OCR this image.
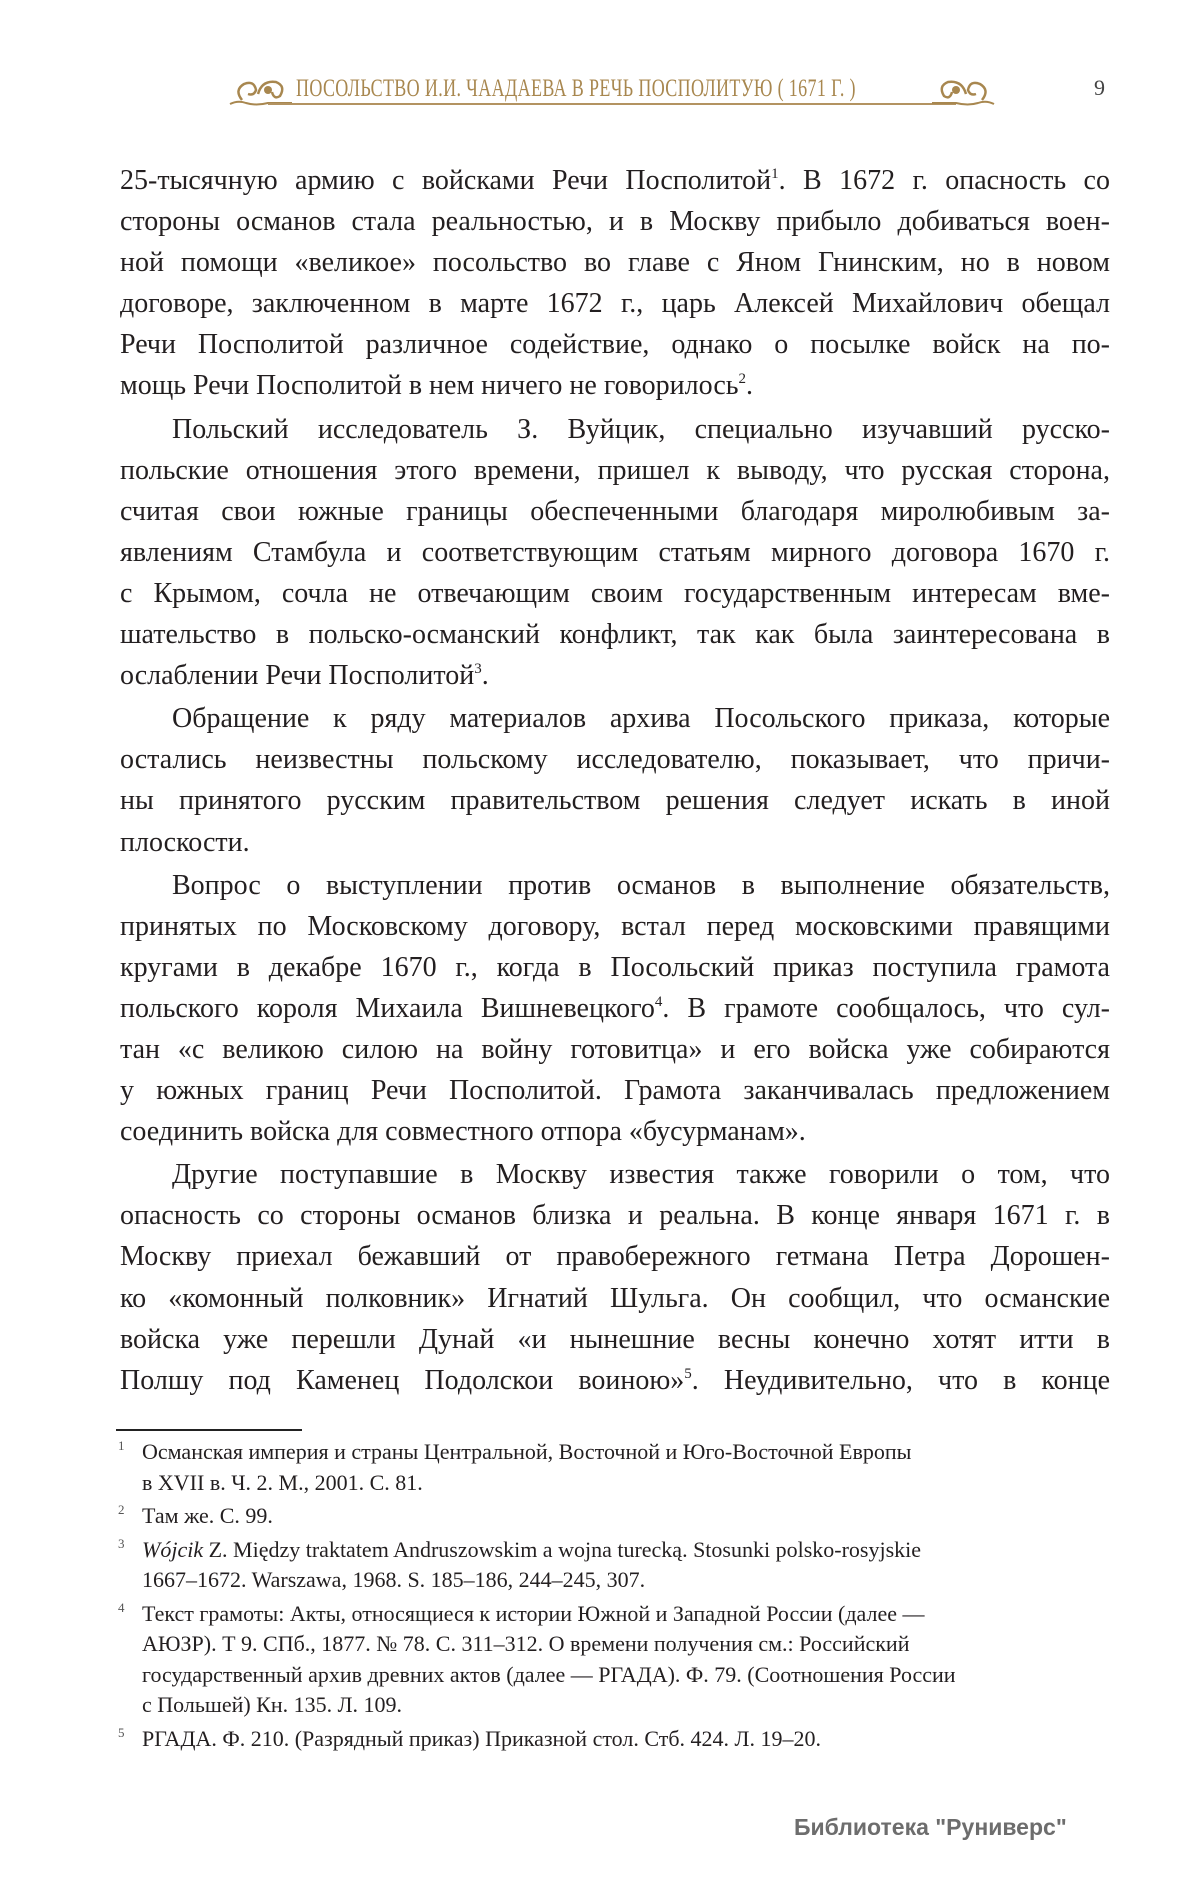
ПОСОЛЬСТВО И.И. ЧААДАЕВА В РЕЧЬ ПОСПОЛИТУЮ ( 1671 Г. )	9
25-тысячную армию с войсками Речи Посполитой$^1$. В 1672 г. опасность со
стороны османов стала реальностью, и в Москву прибыло добиваться воен-
ной помощи «великое» посольство во главе с Яном Гнинским, но в новом
договоре, заключенном в марте 1672 г., царь Алексей Михайлович обещал
Речи Посполитой различное содействие, однако о посылке войск на по-
мощь Речи Посполитой в нем ничего не говорилось$^2$.
Польский исследователь З. Вуйцик, специально изучавший русско-
польские отношения этого времени, пришел к выводу, что русская сторона,
считая свои южные границы обеспеченными благодаря миролюбивым за-
явлениям Стамбула и соответствующим статьям мирного договора 1670 г.
с Крымом, сочла не отвечающим своим государственным интересам вме-
шательство в польско-османский конфликт, так как была заинтересована в
ослаблении Речи Посполитой$^3$.
Обращение к ряду материалов архива Посольского приказа, которые
остались неизвестны польскому исследователю, показывает, что причи-
ны принятого русским правительством решения следует искать в иной
плоскости.
Вопрос о выступлении против османов в выполнение обязательств,
принятых по Московскому договору, встал перед московскими правящими
кругами в декабре 1670 г., когда в Посольский приказ поступила грамота
польского короля Михаила Вишневецкого$^4$. В грамоте сообщалось, что сул-
тан «с великою силою на войну готовитца» и его войска уже собираются
у южных границ Речи Посполитой. Грамота заканчивалась предложением
соединить войска для совместного отпора «бусурманам».
Другие поступавшие в Москву известия также говорили о том, что
опасность со стороны османов близка и реальна. В конце января 1671 г. в
Москву приехал бежавший от правобережного гетмана Петра Дорошен-
ко «комонный полковник» Игнатий Шульга. Он сообщил, что османские
войска уже перешли Дунай «и нынешние весны конечно хотят итти в
Полшу под Каменец Подолскои воиною»$^5$. Неудивительно, что в конце
1 Османская империя и страны Центральной, Восточной и Юго-Восточной Европы
в XVII в. Ч. 2. М., 2001. С. 81.
2 Там же. С. 99.
3 Wójcik Z. Między traktatem Andruszowskim a wojna turecką. Stosunki polsko-rosyjskie
1667–1672. Warszawa, 1968. S. 185–186, 244–245, 307.
4 Текст грамоты: Акты, относящиеся к истории Южной и Западной России (далее —
АЮЗР). Т 9. СПб., 1877. № 78. С. 311–312. О времени получения см.: Российский
государственный архив древних актов (далее — РГАДА). Ф. 79. (Соотношения России
с Польшей) Кн. 135. Л. 109.
5 РГАДА. Ф. 210. (Разрядный приказ) Приказной стол. Стб. 424. Л. 19–20.
Библиотека "Руниверс"
